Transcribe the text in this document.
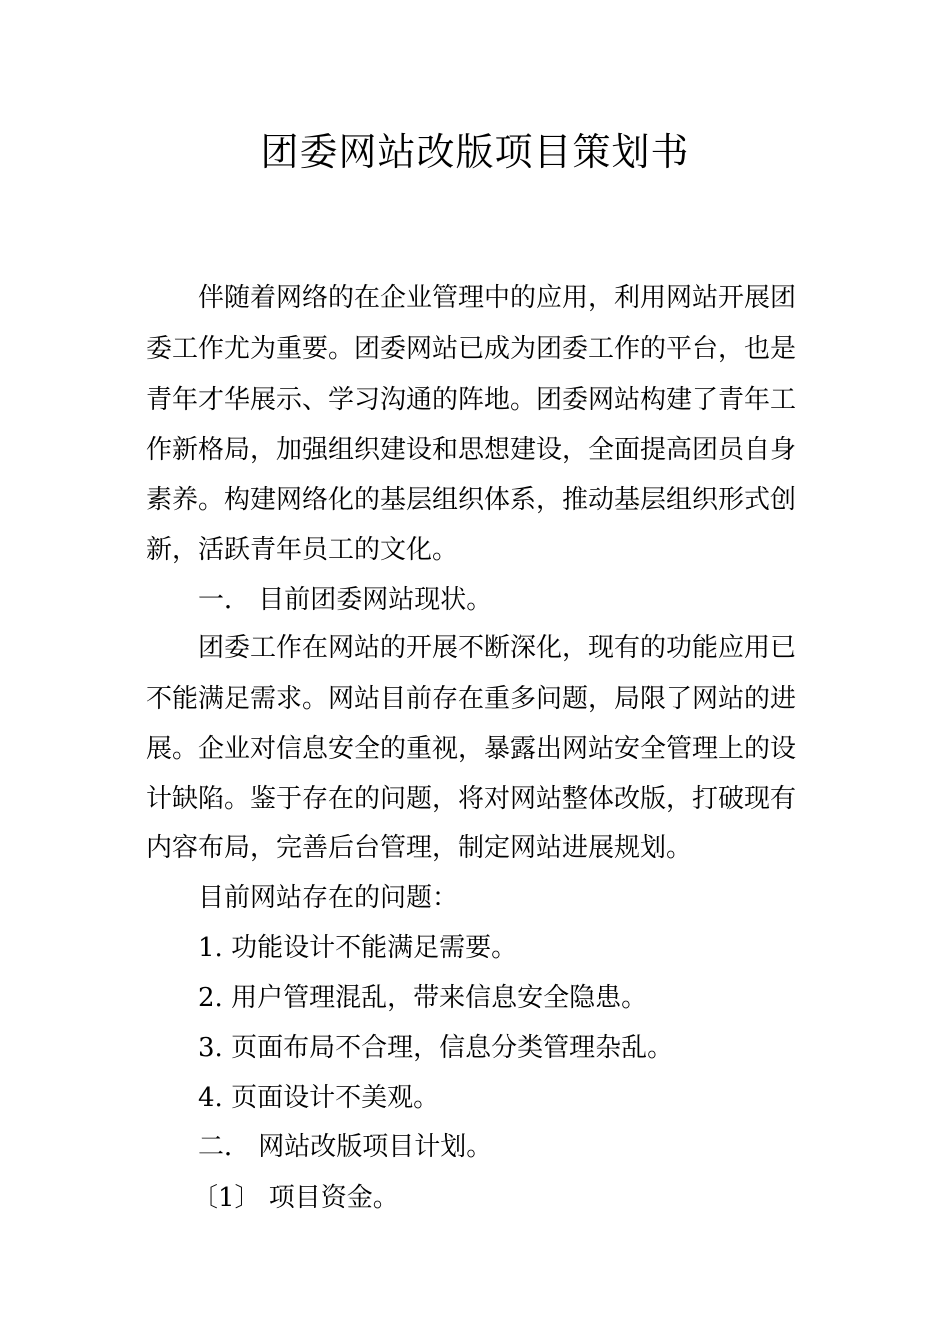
团委网站改版项目策划书

伴随着网络的在企业管理中的应用，利用网站开展团

委工作尤为重要。团委网站已成为团委工作的平台，也是

青年才华展示、学习沟通的阵地。团委网站构建了青年工

作新格局，加强组织建设和思想建设，全面提高团员自身

素养。构建网络化的基层组织体系，推动基层组织形式创

新，活跃青年员工的文化。

一． 目前团委网站现状。

团委工作在网站的开展不断深化，现有的功能应用已

不能满足需求。网站目前存在重多问题，局限了网站的进

展。企业对信息安全的重视，暴露出网站安全管理上的设

计缺陷。鉴于存在的问题，将对网站整体改版，打破现有

内容布局，完善后台管理，制定网站进展规划。

目前网站存在的问题：

1. 功能设计不能满足需要。

2. 用户管理混乱，带来信息安全隐患。

3. 页面布局不合理，信息分类管理杂乱。

4. 页面设计不美观。

二． 网站改版项目计划。

〔1〕 项目资金。
